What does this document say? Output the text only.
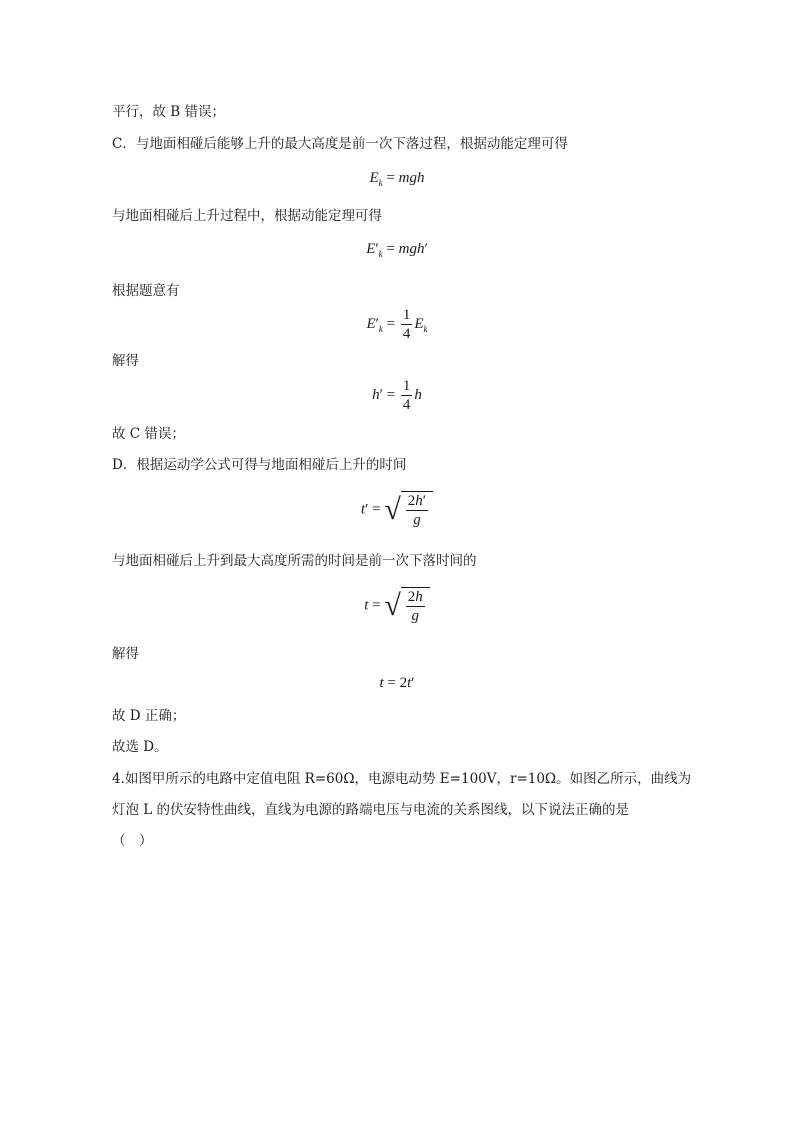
平行，故 B 错误；
C．与地面相碰后能够上升的最大高度是前一次下落过程，根据动能定理可得
$E_k$ = mgh
与地面相碰后上升过程中，根据动能定理可得
$E'_k = mgh'$
根据题意有
$E'_k = \frac{1}{4} E_k$
解得
$h' = \frac{1}{4}$ h
故 C 错误；
D．根据运动学公式可得与地面相碰后上升的时间
t′ = √ $\frac{2h'}{g}$
与地面相碰后上升到最大高度所需的时间是前一次下落时间的
t = √ $\frac{2h}{g}$
解得
t = 2t′
故 D 正确；
故选 D。
4.如图甲所示的电路中定值电阻 R=60Ω，电源电动势 E=100V，r=10Ω。如图乙所示，曲线为
灯泡 L 的伏安特性曲线，直线为电源的路端电压与电流的关系图线，以下说法正确的是
（　）
